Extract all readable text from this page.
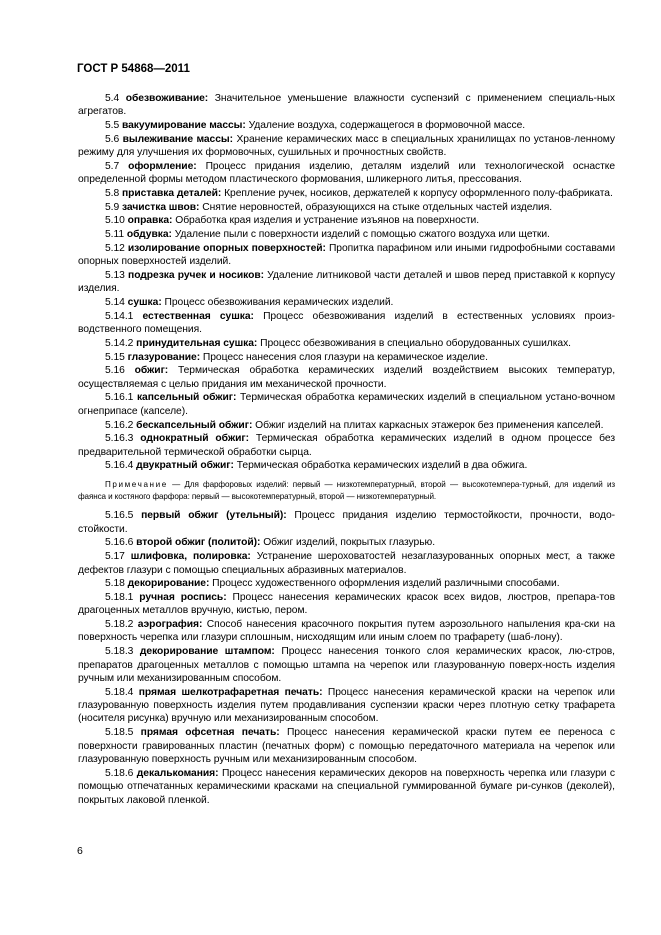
ГОСТ Р 54868—2011
5.4 обезвоживание: Значительное уменьшение влажности суспензий с применением специаль-ных агрегатов.
5.5 вакуумирование массы: Удаление воздуха, содержащегося в формовочной массе.
5.6 вылеживание массы: Хранение керамических масс в специальных хранилищах по установ-ленному режиму для улучшения их формовочных, сушильных и прочностных свойств.
5.7 оформление: Процесс придания изделию, деталям изделий или технологической оснастке определенной формы методом пластического формования, шликерного литья, прессования.
5.8 приставка деталей: Крепление ручек, носиков, держателей к корпусу оформленного полу-фабриката.
5.9 зачистка швов: Снятие неровностей, образующихся на стыке отдельных частей изделия.
5.10 оправка: Обработка края изделия и устранение изъянов на поверхности.
5.11 обдувка: Удаление пыли с поверхности изделий с помощью сжатого воздуха или щетки.
5.12 изолирование опорных поверхностей: Пропитка парафином или иными гидрофобными составами опорных поверхностей изделий.
5.13 подрезка ручек и носиков: Удаление литниковой части деталей и швов перед приставкой к корпусу изделия.
5.14 сушка: Процесс обезвоживания керамических изделий.
5.14.1 естественная сушка: Процесс обезвоживания изделий в естественных условиях произ-водственного помещения.
5.14.2 принудительная сушка: Процесс обезвоживания в специально оборудованных сушилках.
5.15 глазурование: Процесс нанесения слоя глазури на керамическое изделие.
5.16 обжиг: Термическая обработка керамических изделий воздействием высоких температур, осуществляемая с целью придания им механической прочности.
5.16.1 капсельный обжиг: Термическая обработка керамических изделий в специальном устано-вочном огнеприпасе (капселе).
5.16.2 бескапсельный обжиг: Обжиг изделий на плитах каркасных этажерок без применения капселей.
5.16.3 однократный обжиг: Термическая обработка керамических изделий в одном процессе без предварительной термической обработки сырца.
5.16.4 двукратный обжиг: Термическая обработка керамических изделий в два обжига.
Примечание — Для фарфоровых изделий: первый — низкотемпературный, второй — высокотемпера-турный, для изделий из фаянса и костяного фарфора: первый — высокотемпературный, второй — низкотемпературный.
5.16.5 первый обжиг (утельный): Процесс придания изделию термостойкости, прочности, водо-стойкости.
5.16.6 второй обжиг (политой): Обжиг изделий, покрытых глазурью.
5.17 шлифовка, полировка: Устранение шероховатостей незаглазурованных опорных мест, а также дефектов глазури с помощью специальных абразивных материалов.
5.18 декорирование: Процесс художественного оформления изделий различными способами.
5.18.1 ручная роспись: Процесс нанесения керамических красок всех видов, люстров, препара-тов драгоценных металлов вручную, кистью, пером.
5.18.2 аэрография: Способ нанесения красочного покрытия путем аэрозольного напыления кра-ски на поверхность черепка или глазури сплошным, нисходящим или иным слоем по трафарету (шаб-лону).
5.18.3 декорирование штампом: Процесс нанесения тонкого слоя керамических красок, лю-стров, препаратов драгоценных металлов с помощью штампа на черепок или глазурованную поверх-ность изделия ручным или механизированным способом.
5.18.4 прямая шелкотрафаретная печать: Процесс нанесения керамической краски на черепок или глазурованную поверхность изделия путем продавливания суспензии краски через плотную сетку трафарета (носителя рисунка) вручную или механизированным способом.
5.18.5 прямая офсетная печать: Процесс нанесения керамической краски путем ее переноса с поверхности гравированных пластин (печатных форм) с помощью передаточного материала на черепок или глазурованную поверхность ручным или механизированным способом.
5.18.6 декалькомания: Процесс нанесения керамических декоров на поверхность черепка или глазури с помощью отпечатанных керамическими красками на специальной гуммированной бумаге ри-сунков (деколей), покрытых лаковой пленкой.
6
